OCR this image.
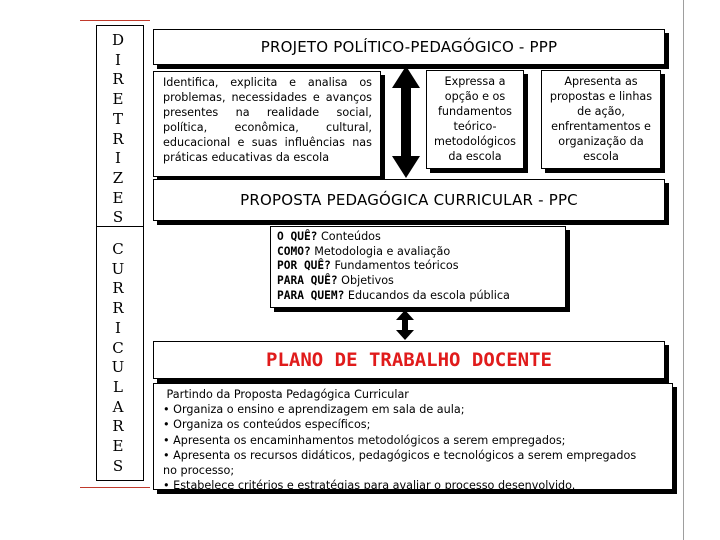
D
I
R
E
T
R
I
Z
E
S
C
U
R
R
I
C
U
L
A
R
E
S
PROJETO POLÍTICO-PEDAGÓGICO - PPP
Identifica, explicita e analisa os
problemas, necessidades e avanços
presentes na realidade social,
política, econômica, cultural,
educacional e suas influências nas
práticas educativas da escola
Expressa a
opção e os
fundamentos
teórico-
metodológicos
da escola
Apresenta as
propostas e linhas
de ação,
enfrentamentos e
organização da
escola
PROPOSTA PEDAGÓGICA CURRICULAR - PPC
O QUÊ? Conteúdos
COMO? Metodologia e avaliação
POR QUÊ? Fundamentos teóricos
PARA QUÊ? Objetivos
PARA QUEM? Educandos da escola pública
PLANO DE TRABALHO DOCENTE
Partindo da Proposta Pedagógica Curricular
• Organiza o ensino e aprendizagem em sala de aula;
• Organiza os conteúdos específicos;
• Apresenta os encaminhamentos metodológicos a serem empregados;
• Apresenta os recursos didáticos, pedagógicos e tecnológicos a serem empregados
no processo;
• Estabelece critérios e estratégias para avaliar o processo desenvolvido.
